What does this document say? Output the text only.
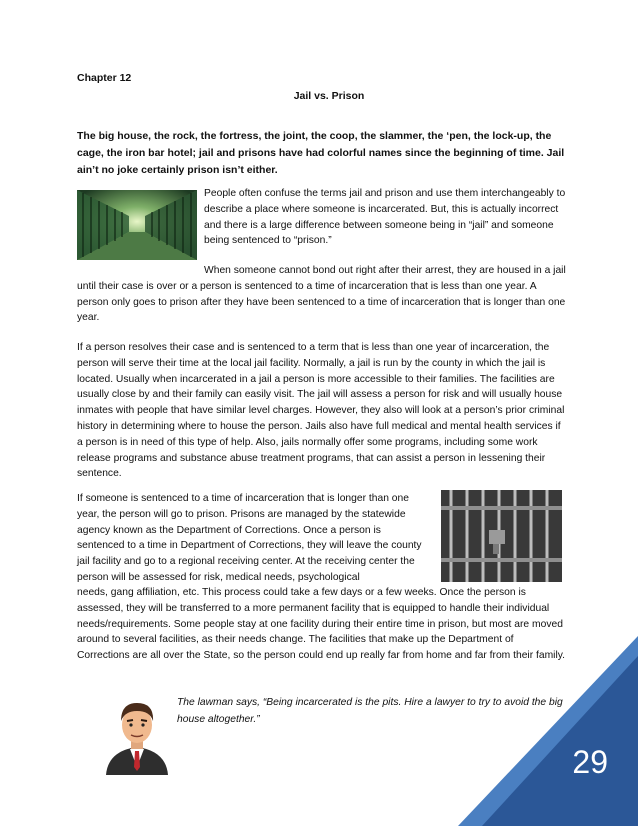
Chapter 12
Jail vs. Prison
The big house, the rock, the fortress, the joint, the coop, the slammer, the ‘pen, the lock-up, the cage, the iron bar hotel; jail and prisons have had colorful names since the beginning of time. Jail ain’t no joke certainly prison isn’t either.
People often confuse the terms jail and prison and use them interchangeably to describe a place where someone is incarcerated. But, this is actually incorrect and there is a large difference between someone being in “jail” and someone being sentenced to “prison.”
When someone cannot bond out right after their arrest, they are housed in a jail until their case is over or a person is sentenced to a time of incarceration that is less than one year. A person only goes to prison after they have been sentenced to a time of incarceration that is longer than one year.
If a person resolves their case and is sentenced to a term that is less than one year of incarceration, the person will serve their time at the local jail facility. Normally, a jail is run by the county in which the jail is located. Usually when incarcerated in a jail a person is more accessible to their families. The facilities are usually close by and their family can easily visit. The jail will assess a person for risk and will usually house inmates with people that have similar level charges. However, they also will look at a person’s prior criminal history in determining where to house the person. Jails also have full medical and mental health services if a person is in need of this type of help. Also, jails normally offer some programs, including some work release programs and substance abuse treatment programs, that can assist a person in lessening their sentence.
If someone is sentenced to a time of incarceration that is longer than one year, the person will go to prison. Prisons are managed by the statewide agency known as the Department of Corrections. Once a person is sentenced to a time in Department of Corrections, they will leave the county jail facility and go to a regional receiving center. At the receiving center the person will be assessed for risk, medical needs, psychological
needs, gang affiliation, etc. This process could take a few days or a few weeks. Once the person is assessed, they will be transferred to a more permanent facility that is equipped to handle their individual needs/requirements. Some people stay at one facility during their entire time in prison, but most are moved around to several facilities, as their needs change. The facilities that make up the Department of Corrections are all over the State, so the person could end up really far from home and far from their family.
The lawman says, “Being incarcerated is the pits. Hire a lawyer to try to avoid the big house altogether.”
29
